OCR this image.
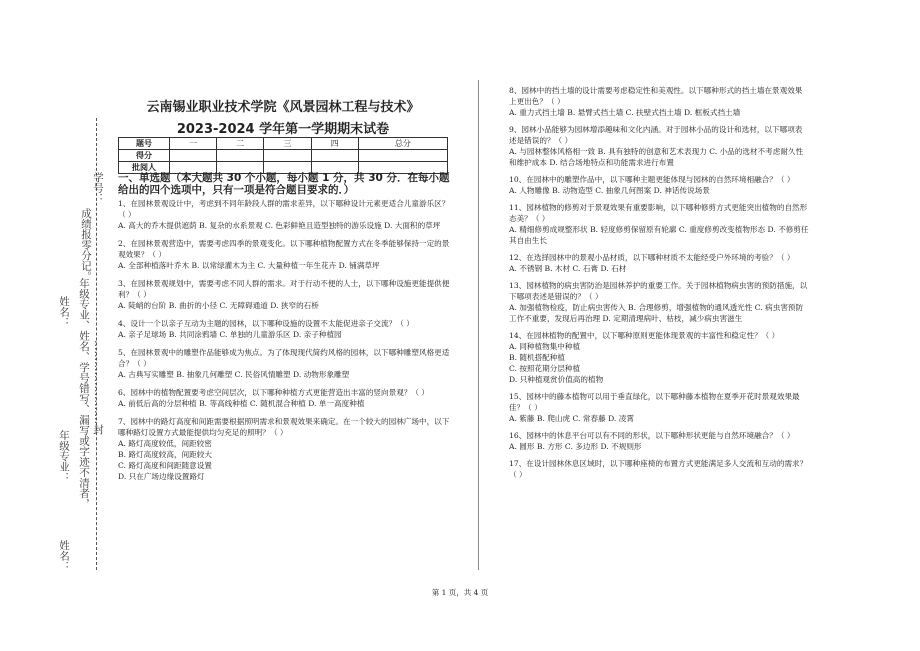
学号：
成绩报零分记。
姓名： 年级专业、姓名、学号错写、漏写或字迹不清者， ……………………封
年级专业：
姓名：
云南锡业职业技术学院《风景园林工程与技术》
2023-2024 学年第一学期期末试卷
题号	一	二	三	四	总分
得分					
批阅人					
一、单选题（本大题共 30 个小题，每小题 1 分，共 30 分．在每小题给出的四个选项中，只有一项是符合题目要求的．）

1、在园林景观设计中，考虑到不同年龄段人群的需求差异，以下哪种设计元素更适合儿童游乐区？（ ）

A. 高大的乔木提供遮荫 B. 复杂的水系景观 C. 色彩鲜艳且造型独特的游乐设施 D. 大面积的草坪

2、在园林景观营造中，需要考虑四季的景观变化。以下哪种植物配置方式在冬季能够保持一定的景观效果？（ ）

A. 全部种植落叶乔木 B. 以常绿灌木为主 C. 大量种植一年生花卉 D. 铺满草坪

3、在园林景观规划中，需要考虑不同人群的需求。对于行动不便的人士，以下哪种设施更能提供便利？（ ）

A. 陡峭的台阶 B. 曲折的小径 C. 无障碍通道 D. 狭窄的石桥

4、设计一个以亲子互动为主题的园林，以下哪种设施的设置不太能促进亲子交流？（ ）

A. 亲子足球场 B. 共同涂鸦墙 C. 单独的儿童游乐区 D. 亲子种植园

5、在园林景观中的雕塑作品能够成为焦点。为了体现现代简约风格的园林，以下哪种雕塑风格更适合？（ ）

A. 古典写实雕塑 B. 抽象几何雕塑 C. 民俗风情雕塑 D. 动物形象雕塑

6、园林中的植物配置要考虑空间层次，以下哪种种植方式更能营造出丰富的竖向景观？（ ）

A. 前低后高的分层种植 B. 等高线种植 C. 随机混合种植 D. 单一高度种植

7、园林中的路灯高度和间距需要根据照明需求和景观效果来确定。在一个较大的园林广场中，以下哪种路灯设置方式最能提供均匀充足的照明？（ ）

A. 路灯高度较低，间距较密

B. 路灯高度较高，间距较大

C. 路灯高度和间距随意设置

D. 只在广场边缘设置路灯

8、园林中的挡土墙的设计需要考虑稳定性和美观性。以下哪种形式的挡土墙在景观效果上更出色？（ ）

A. 重力式挡土墙 B. 悬臂式挡土墙 C. 扶壁式挡土墙 D. 框板式挡土墙

9、园林小品能够为园林增添趣味和文化内涵。对于园林小品的设计和选材，以下哪项表述是错误的？（ ）

A. 与园林整体风格相一致 B. 具有独特的创意和艺术表现力 C. 小品的选材不考虑耐久性和维护成本 D. 结合场地特点和功能需求进行布置

10、在园林中的雕塑作品中，以下哪种主题更能体现与园林的自然环境相融合？（ ）

A. 人物雕像 B. 动物造型 C. 抽象几何图案 D. 神话传说场景

11、园林植物的修剪对于景观效果有重要影响，以下哪种修剪方式更能突出植物的自然形态美？（ ）

A. 精细修剪成规整形状 B. 轻度修剪保留原有轮廓 C. 重度修剪改变植物形态 D. 不修剪任其自由生长

12、在选择园林中的景观小品材质，以下哪种材质不太能经受户外环境的考验？（ ）

A. 不锈钢 B. 木材 C. 石膏 D. 石材

13、园林植物的病虫害防治是园林养护的重要工作。关于园林植物病虫害的预防措施，以下哪项表述是错误的？（ ）

A. 加强植物检疫，防止病虫害传入 B. 合理修剪，增强植物的通风透光性 C. 病虫害预防工作不重要，发现后再治理 D. 定期清理病叶、枯枝，减少病虫害滋生

14、在园林植物的配置中，以下哪种原则更能体现景观的丰富性和稳定性？（ ）

A. 同种植物集中种植

B. 随机搭配种植

C. 按照花期分层种植

D. 只种植观赏价值高的植物

15、园林中的藤本植物可以用于垂直绿化，以下哪种藤本植物在夏季开花时景观效果最佳？（ ）

A. 紫藤 B. 爬山虎 C. 常春藤 D. 凌霄

16、园林中的休息平台可以有不同的形状，以下哪种形状更能与自然环境融合？（ ）

A. 圆形 B. 方形 C. 多边形 D. 不规则形

17、在设计园林休息区域时，以下哪种座椅的布置方式更能满足多人交流和互动的需求？（ ）

第 1 页，共 4 页
